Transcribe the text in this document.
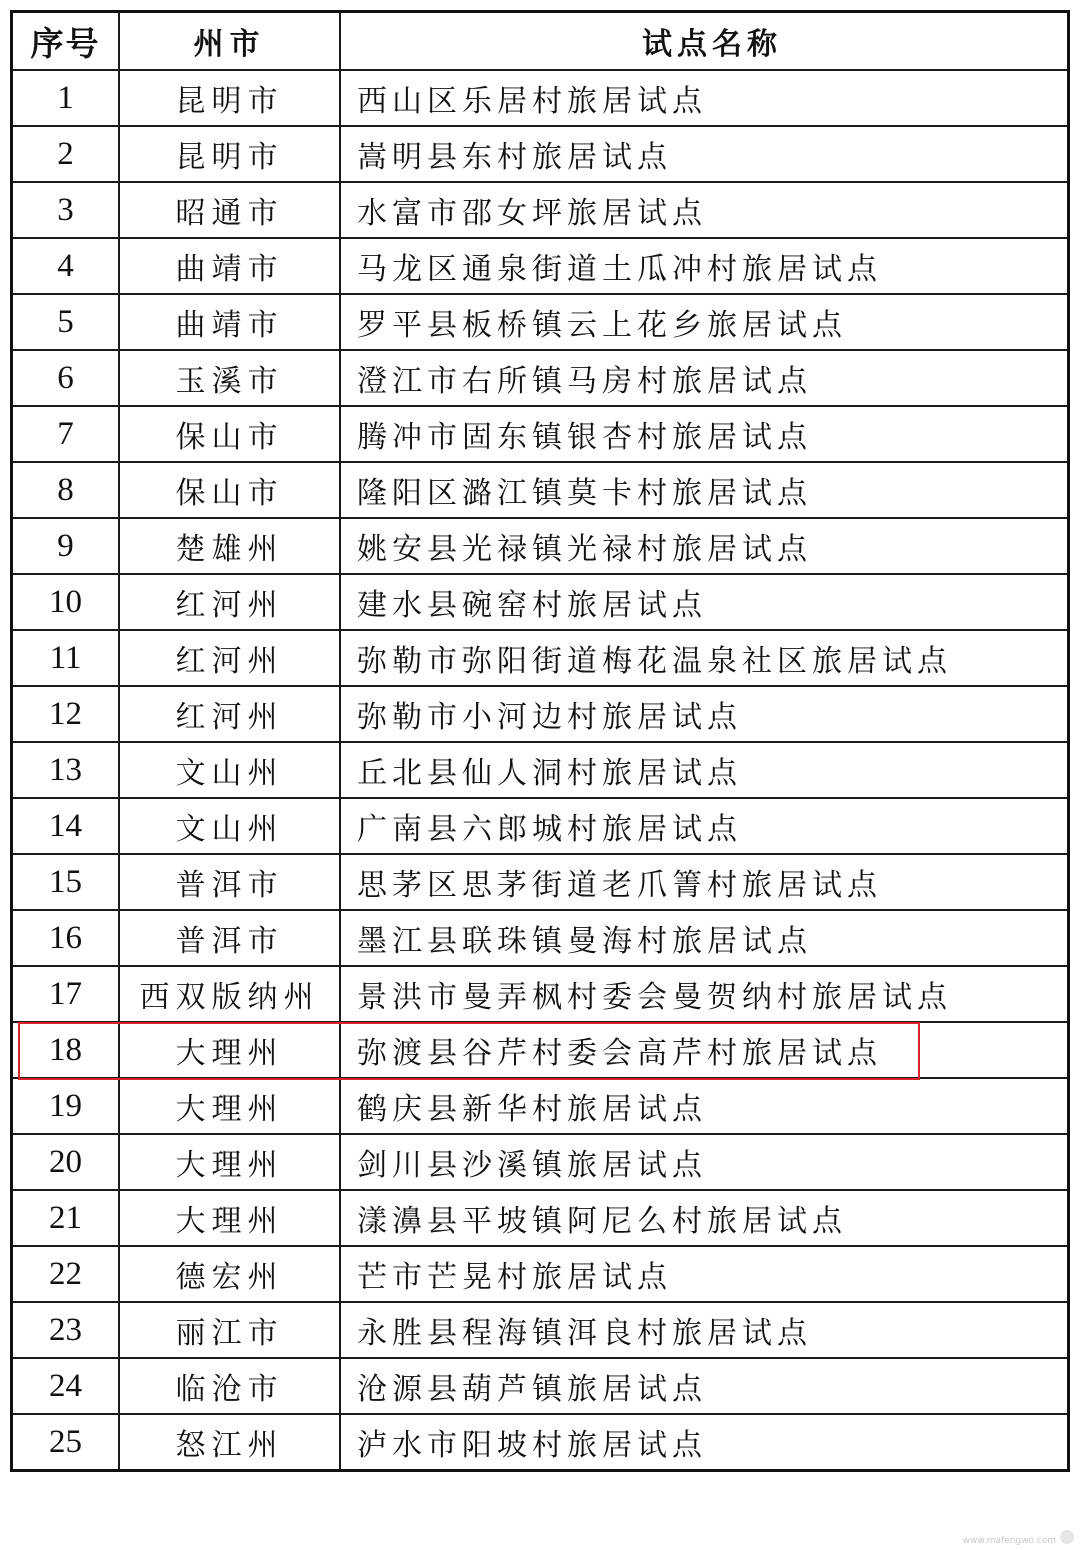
序号	州市	试点名称
1	昆明市	西山区乐居村旅居试点
2	昆明市	嵩明县东村旅居试点
3	昭通市	水富市邵女坪旅居试点
4	曲靖市	马龙区通泉街道土瓜冲村旅居试点
5	曲靖市	罗平县板桥镇云上花乡旅居试点
6	玉溪市	澄江市右所镇马房村旅居试点
7	保山市	腾冲市固东镇银杏村旅居试点
8	保山市	隆阳区潞江镇莫卡村旅居试点
9	楚雄州	姚安县光禄镇光禄村旅居试点
10	红河州	建水县碗窑村旅居试点
11	红河州	弥勒市弥阳街道梅花温泉社区旅居试点
12	红河州	弥勒市小河边村旅居试点
13	文山州	丘北县仙人洞村旅居试点
14	文山州	广南县六郎城村旅居试点
15	普洱市	思茅区思茅街道老爪箐村旅居试点
16	普洱市	墨江县联珠镇曼海村旅居试点
17	西双版纳州	景洪市曼弄枫村委会曼贺纳村旅居试点
18	大理州	弥渡县谷芹村委会高芹村旅居试点
19	大理州	鹤庆县新华村旅居试点
20	大理州	剑川县沙溪镇旅居试点
21	大理州	漾濞县平坡镇阿尼么村旅居试点
22	德宏州	芒市芒晃村旅居试点
23	丽江市	永胜县程海镇洱良村旅居试点
24	临沧市	沧源县葫芦镇旅居试点
25	怒江州	泸水市阳坡村旅居试点
www.mafengwo.com
